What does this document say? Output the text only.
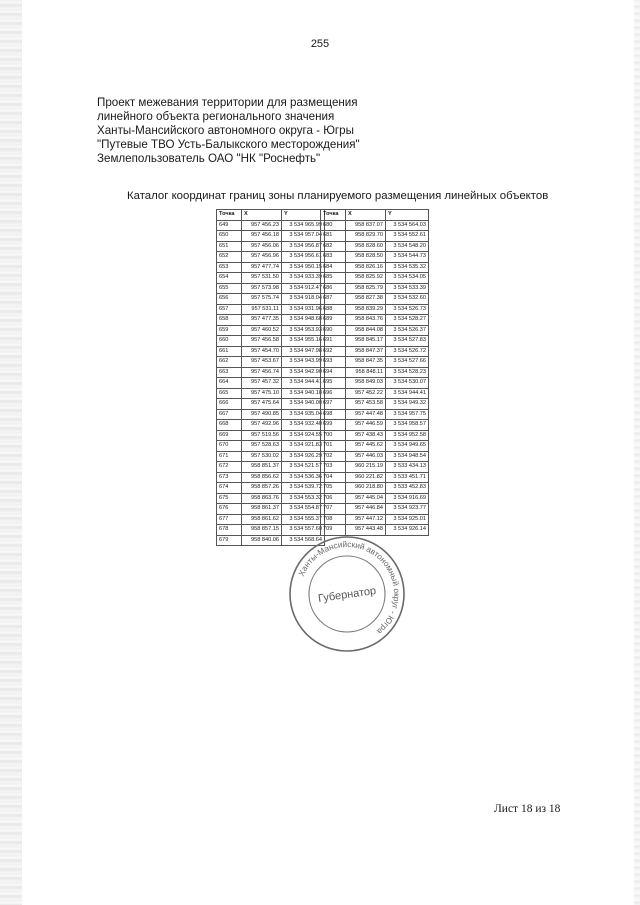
255
Проект межевания территории для размещения
линейного объекта регионального значения
Ханты-Мансийского автономного округа - Югры
"Путевые ТВО Усть-Балыкского месторождения"
Землепользователь ОАО "НК "Роснефть"
Каталог координат границ зоны планируемого размещения линейных объектов
Точка	X	Y
649	957 456.23	3 534 965.99
650	957 456.18	3 534 957.04
651	957 456.06	3 534 956.87
652	957 456.96	3 534 956.61
653	957 477.74	3 534 950.15
654	957 531.50	3 534 933.39
655	957 573.98	3 534 912.47
656	957 575.74	3 534 918.04
657	957 531.11	3 534 931.96
658	957 477.35	3 534 948.68
659	957 460.52	3 534 953.93
660	957 456.58	3 534 955.16
661	957 454.70	3 534 947.98
662	957 453.67	3 534 943.99
663	957 456.74	3 534 942.90
664	957 457.32	3 534 944.41
665	957 475.10	3 534 940.18
666	957 475.64	3 534 940.00
667	957 490.85	3 534 935.04
668	957 492.96	3 534 932.40
669	957 519.56	3 534 924.55
670	957 528.63	3 534 921.83
671	957 530.02	3 534 926.29
672	958 851.37	3 534 521.57
673	958 856.62	3 534 536.36
674	958 857.26	3 534 539.72
675	958 863.76	3 534 553.32
676	958 861.37	3 534 554.87
677	958 861.62	3 534 555.37
678	958 857.15	3 534 557.60
679	958 840.06	3 534 568.64
Точка	X	Y
680	958 837.07	3 534 564.03
681	958 829.70	3 534 552.61
682	958 828.60	3 534 548.20
683	958 828.50	3 534 544.73
684	958 826.16	3 534 535.32
685	958 825.92	3 534 534.05
686	958 825.79	3 534 533.39
687	958 827.38	3 534 532.60
688	958 839.29	3 534 526.73
689	958 843.76	3 534 528.27
690	958 844.08	3 534 526.37
691	958 845.17	3 534 527.83
692	958 847.37	3 534 526.72
693	958 847.35	3 534 527.66
694	958 848.11	3 534 528.23
695	958 849.03	3 534 530.07
696	957 452.22	3 534 944.41
697	957 453.58	3 534 949.32
698	957 447.48	3 534 957.75
699	957 446.59	3 534 958.57
700	957 438.43	3 534 952.58
701	957 445.62	3 534 949.65
702	957 446.03	3 534 948.54
703	960 215.19	3 533 434.13
704	960 221.82	3 533 451.71
705	960 218.80	3 533 452.83
706	957 445.04	3 534 916.69
707	957 446.84	3 534 923.77
708	957 447.12	3 534 925.01
709	957 443.48	3 534 926.14
Ханты-Мансийский автономный округ - Югра
Губернатор
Лист 18 из 18
